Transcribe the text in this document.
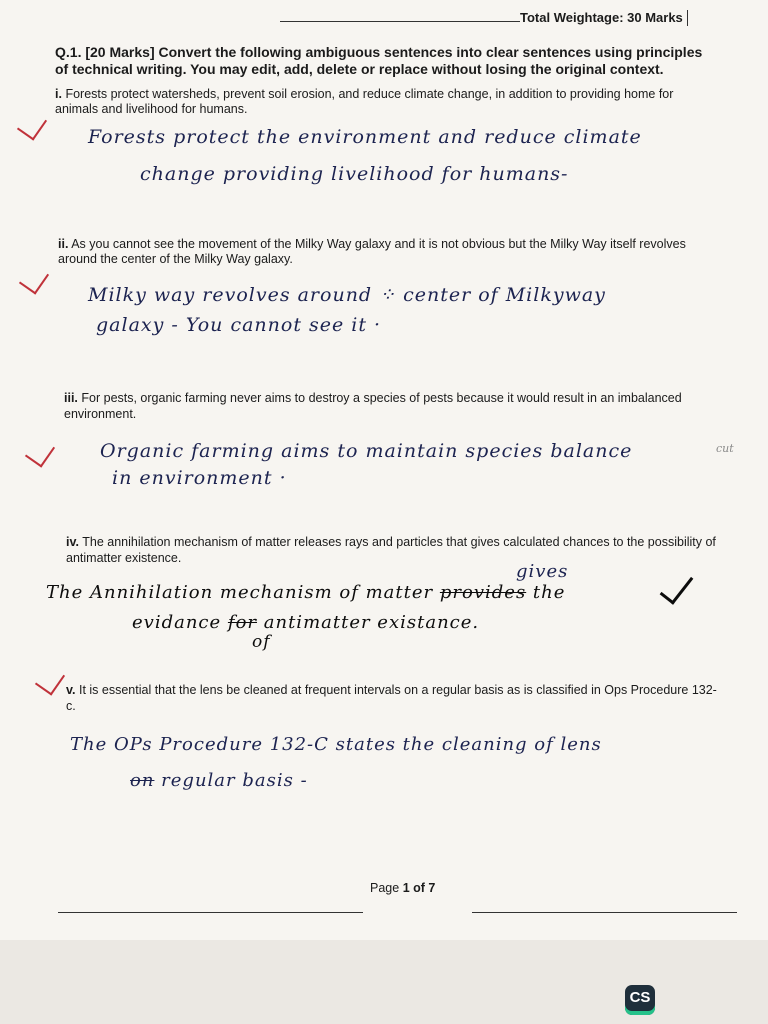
Total Weightage: 30 Marks
Q.1. [20 Marks] Convert the following ambiguous sentences into clear sentences using principles of technical writing. You may edit, add, delete or replace without losing the original context.
i. Forests protect watersheds, prevent soil erosion, and reduce climate change, in addition to providing home for animals and livelihood for humans.
Forests protect the environment and reduce climate
change providing livelihood for humans-
ii. As you cannot see the movement of the Milky Way galaxy and it is not obvious but the Milky Way itself revolves around the center of the Milky Way galaxy.
Milky way revolves around ⁘ center of Milkyway
galaxy - You cannot see it ·
iii. For pests, organic farming never aims to destroy a species of pests because it would result in an imbalanced environment.
Organic farming aims to maintain species balance
in environment ·
cut
iv. The annihilation mechanism of matter releases rays and particles that gives calculated chances to the possibility of antimatter existence.
gives
The Annihilation mechanism of matter provides the
evidance for antimatter existance.
of
v. It is essential that the lens be cleaned at frequent intervals on a regular basis as is classified in Ops Procedure 132-c.
The OPs Procedure 132-C states the cleaning of lens
on regular basis -
Page 1 of 7
CS
